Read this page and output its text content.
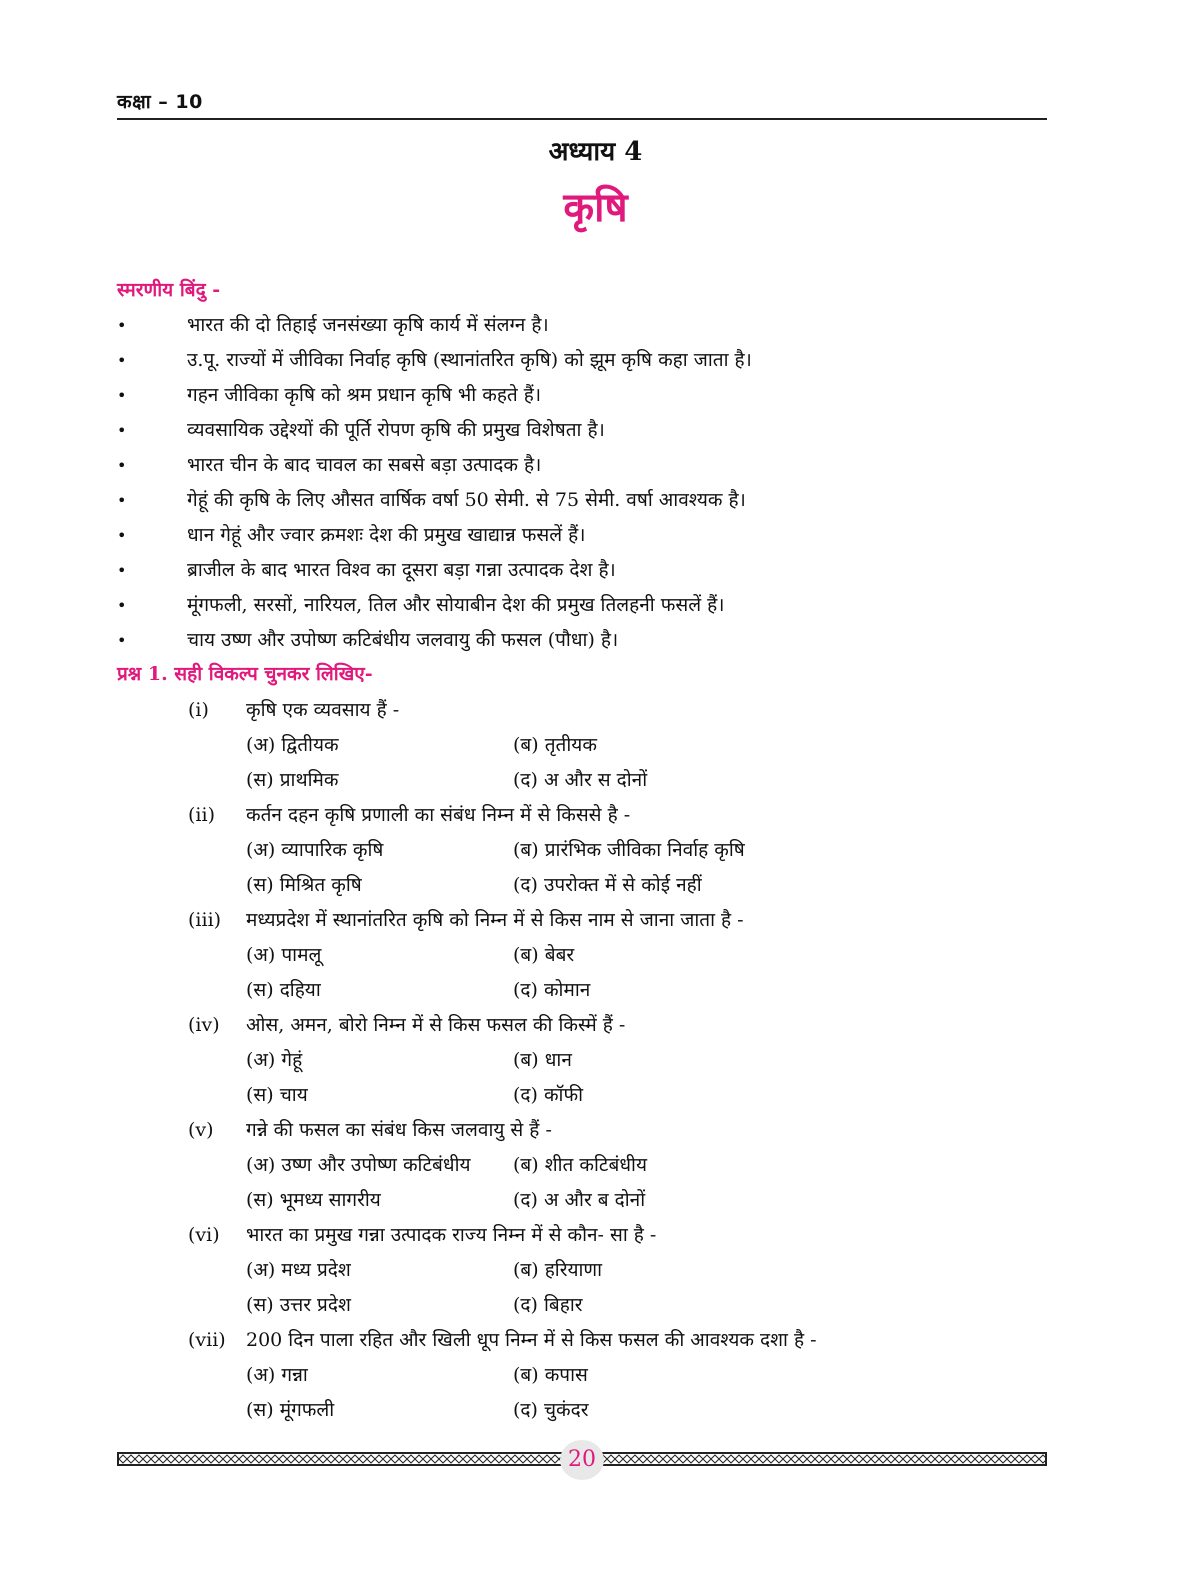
कक्षा – 10
अध्याय 4
कृषि
स्मरणीय बिंदु -
•	भारत की दो तिहाई जनसंख्या कृषि कार्य में संलग्न है।
•	उ.पू. राज्यों में जीविका निर्वाह कृषि (स्थानांतरित कृषि) को झूम कृषि कहा जाता है।
•	गहन जीविका कृषि को श्रम प्रधान कृषि भी कहते हैं।
•	व्यवसायिक उद्देश्यों की पूर्ति रोपण कृषि की प्रमुख विशेषता है।
•	भारत चीन के बाद चावल का सबसे बड़ा उत्पादक है।
•	गेहूं की कृषि के लिए औसत वार्षिक वर्षा 50 सेमी. से 75 सेमी. वर्षा आवश्यक है।
•	धान गेहूं और ज्वार क्रमशः देश की प्रमुख खाद्यान्न फसलें हैं।
•	ब्राजील के बाद भारत विश्व का दूसरा बड़ा गन्ना उत्पादक देश है।
•	मूंगफली, सरसों, नारियल, तिल और सोयाबीन देश की प्रमुख तिलहनी फसलें हैं।
•	चाय उष्ण और उपोष्ण कटिबंधीय जलवायु की फसल (पौधा) है।
प्रश्न 1. सही विकल्प चुनकर लिखिए-
(i) कृषि एक व्यवसाय हैं -
(अ) द्वितीयक	(ब) तृतीयक
(स) प्राथमिक	(द) अ और स दोनों
(ii) कर्तन दहन कृषि प्रणाली का संबंध निम्न में से किससे है -
(अ) व्यापारिक कृषि	(ब) प्रारंभिक जीविका निर्वाह कृषि
(स) मिश्रित कृषि	(द) उपरोक्त में से कोई नहीं
(iii) मध्यप्रदेश में स्थानांतरित कृषि को निम्न में से किस नाम से जाना जाता है -
(अ) पामलू	(ब) बेबर
(स) दहिया	(द) कोमान
(iv) ओस, अमन, बोरो निम्न में से किस फसल की किस्में हैं -
(अ) गेहूं	(ब) धान
(स) चाय	(द) कॉफी
(v) गन्ने की फसल का संबंध किस जलवायु से हैं -
(अ) उष्ण और उपोष्ण कटिबंधीय (ब) शीत कटिबंधीय
(स) भूमध्य सागरीय	(द) अ और ब दोनों
(vi) भारत का प्रमुख गन्ना उत्पादक राज्य निम्न में से कौन- सा है -
(अ) मध्य प्रदेश	(ब) हरियाणा
(स) उत्तर प्रदेश	(द) बिहार
(vii) 200 दिन पाला रहित और खिली धूप निम्न में से किस फसल की आवश्यक दशा है -
(अ) गन्ना	(ब) कपास
(स) मूंगफली	(द) चुकंदर
20
